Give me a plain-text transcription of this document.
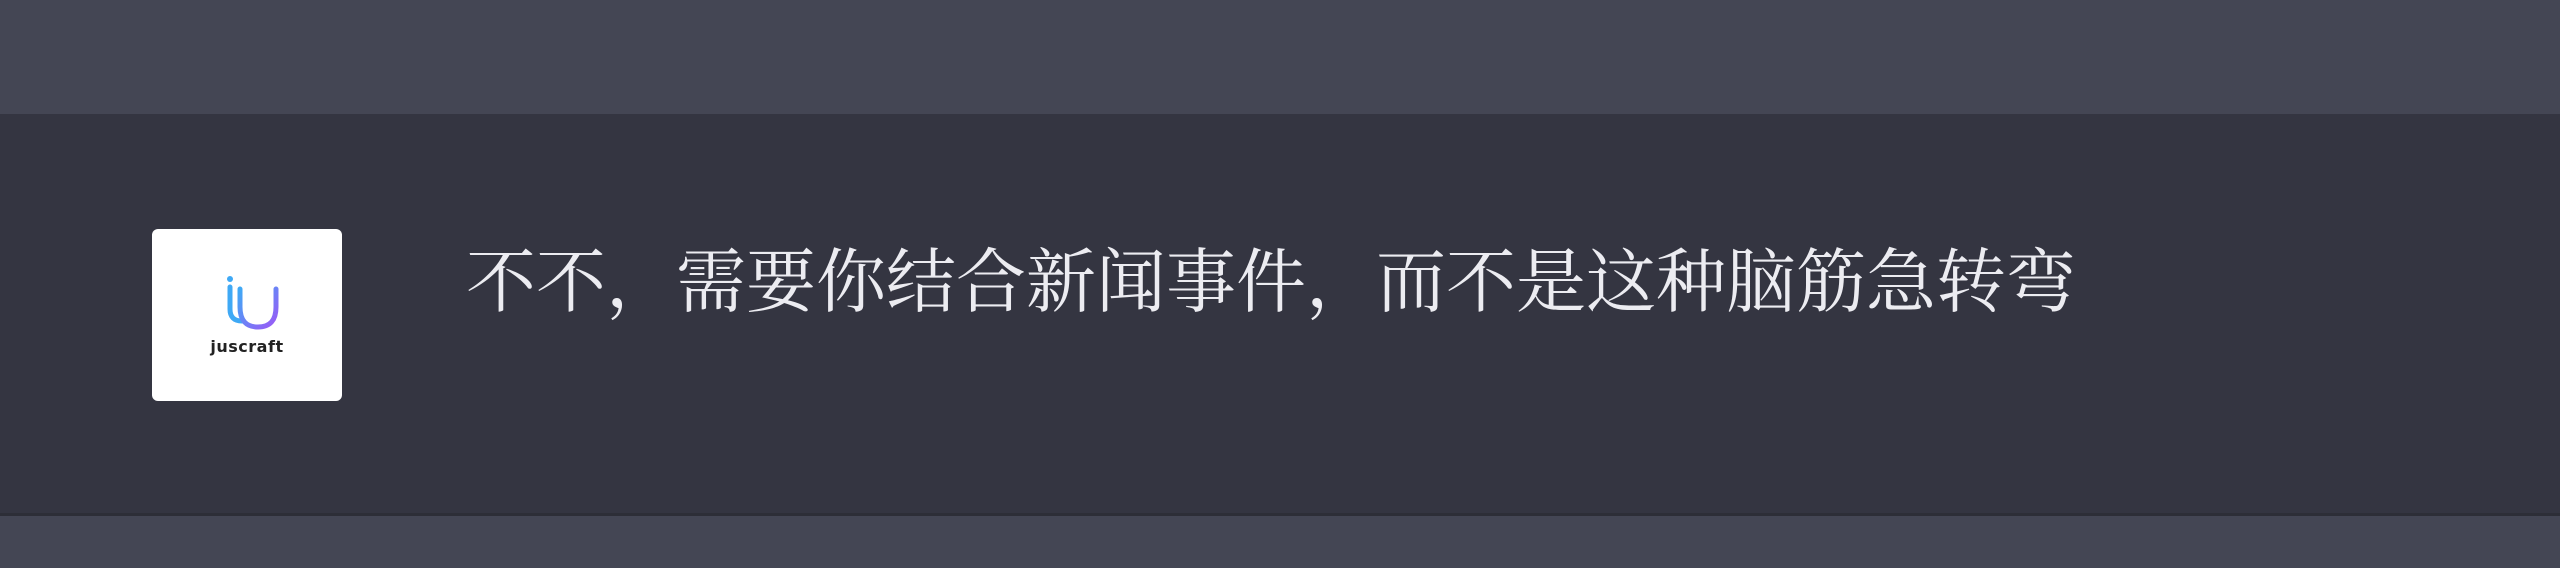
juscraft
不不，需要你结合新闻事件，而不是这种脑筋急转弯
